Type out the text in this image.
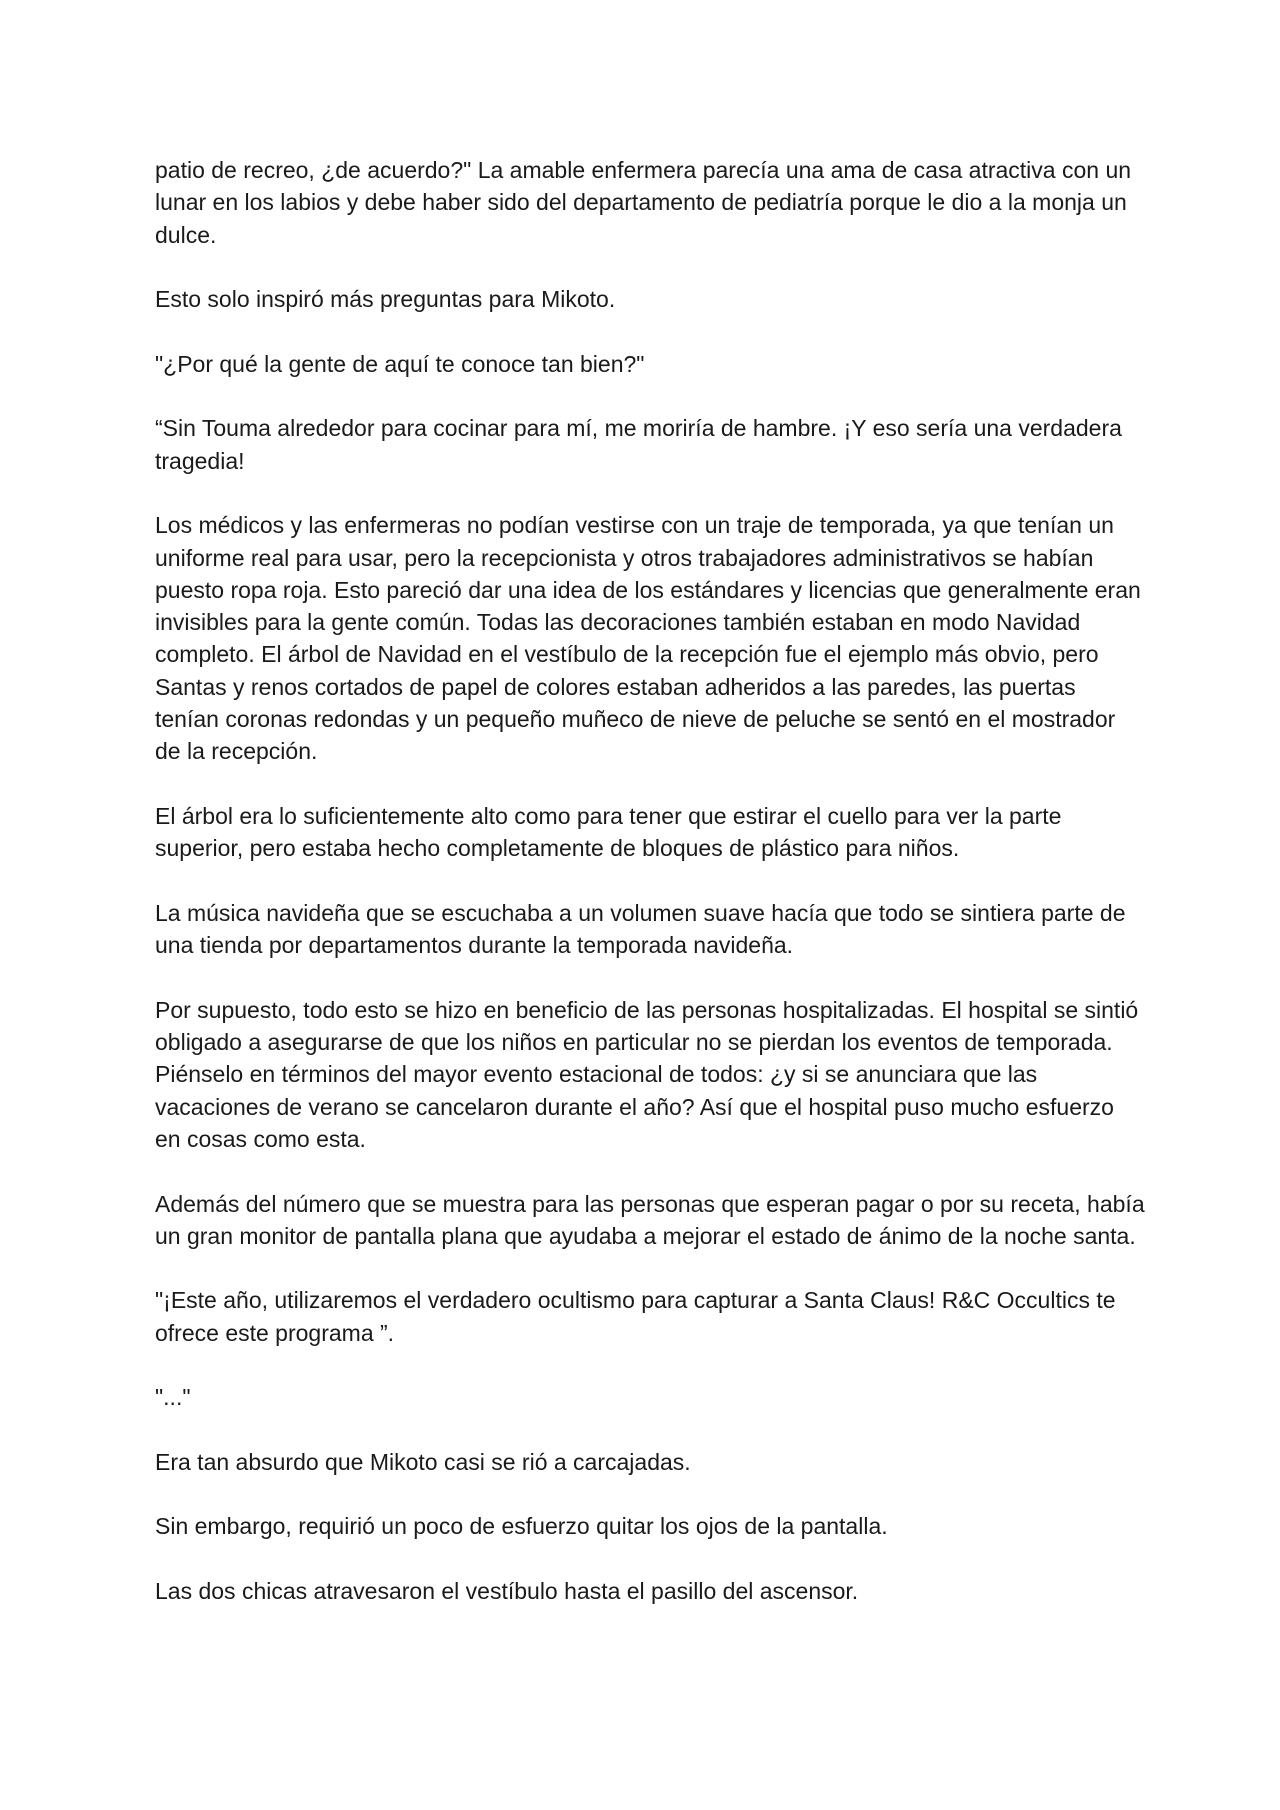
patio de recreo, ¿de acuerdo?" La amable enfermera parecía una ama de casa atractiva con un lunar en los labios y debe haber sido del departamento de pediatría porque le dio a la monja un dulce.

Esto solo inspiró más preguntas para Mikoto.

"¿Por qué la gente de aquí te conoce tan bien?"

“Sin Touma alrededor para cocinar para mí, me moriría de hambre. ¡Y eso sería una verdadera tragedia!

Los médicos y las enfermeras no podían vestirse con un traje de temporada, ya que tenían un uniforme real para usar, pero la recepcionista y otros trabajadores administrativos se habían puesto ropa roja. Esto pareció dar una idea de los estándares y licencias que generalmente eran invisibles para la gente común. Todas las decoraciones también estaban en modo Navidad completo. El árbol de Navidad en el vestíbulo de la recepción fue el ejemplo más obvio, pero Santas y renos cortados de papel de colores estaban adheridos a las paredes, las puertas tenían coronas redondas y un pequeño muñeco de nieve de peluche se sentó en el mostrador de la recepción.

El árbol era lo suficientemente alto como para tener que estirar el cuello para ver la parte superior, pero estaba hecho completamente de bloques de plástico para niños.

La música navideña que se escuchaba a un volumen suave hacía que todo se sintiera parte de una tienda por departamentos durante la temporada navideña.

Por supuesto, todo esto se hizo en beneficio de las personas hospitalizadas. El hospital se sintió obligado a asegurarse de que los niños en particular no se pierdan los eventos de temporada. Piénselo en términos del mayor evento estacional de todos: ¿y si se anunciara que las vacaciones de verano se cancelaron durante el año? Así que el hospital puso mucho esfuerzo en cosas como esta.

Además del número que se muestra para las personas que esperan pagar o por su receta, había un gran monitor de pantalla plana que ayudaba a mejorar el estado de ánimo de la noche santa.

"¡Este año, utilizaremos el verdadero ocultismo para capturar a Santa Claus! R&C Occultics te ofrece este programa ”.

"..."

Era tan absurdo que Mikoto casi se rió a carcajadas.

Sin embargo, requirió un poco de esfuerzo quitar los ojos de la pantalla.

Las dos chicas atravesaron el vestíbulo hasta el pasillo del ascensor.
